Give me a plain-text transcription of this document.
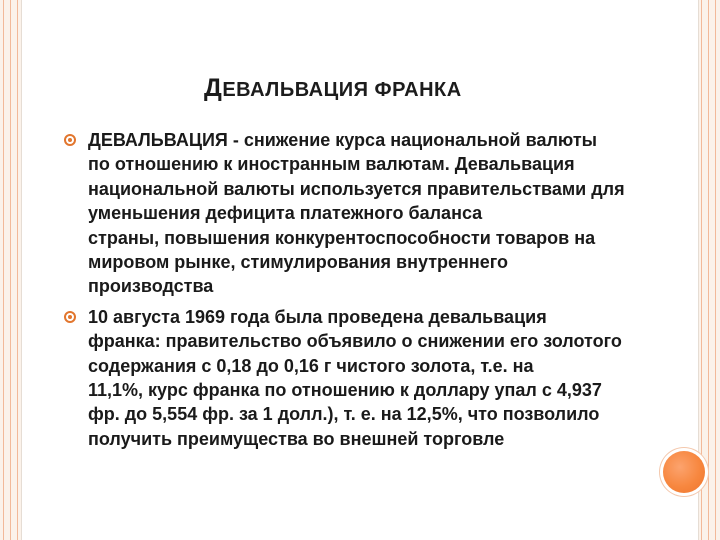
ДЕВАЛЬВАЦИЯ ФРАНКА
ДЕВАЛЬВАЦИЯ - снижение курса национальной валюты
по отношению к иностранным валютам. Девальвация
национальной валюты используется правительствами для
уменьшения дефицита платежного баланса
страны, повышения конкурентоспособности товаров на
мировом рынке, стимулирования внутреннего
производства
10 августа 1969 года была проведена девальвация
франка: правительство объявило о снижении его золотого
содержания с 0,18 до 0,16 г чистого золота, т.е. на
11,1%, курс франка по отношению к доллару упал с 4,937
фр. до 5,554 фр. за 1 долл.), т. е. на 12,5%, что позволило
получить преимущества во внешней торговле
